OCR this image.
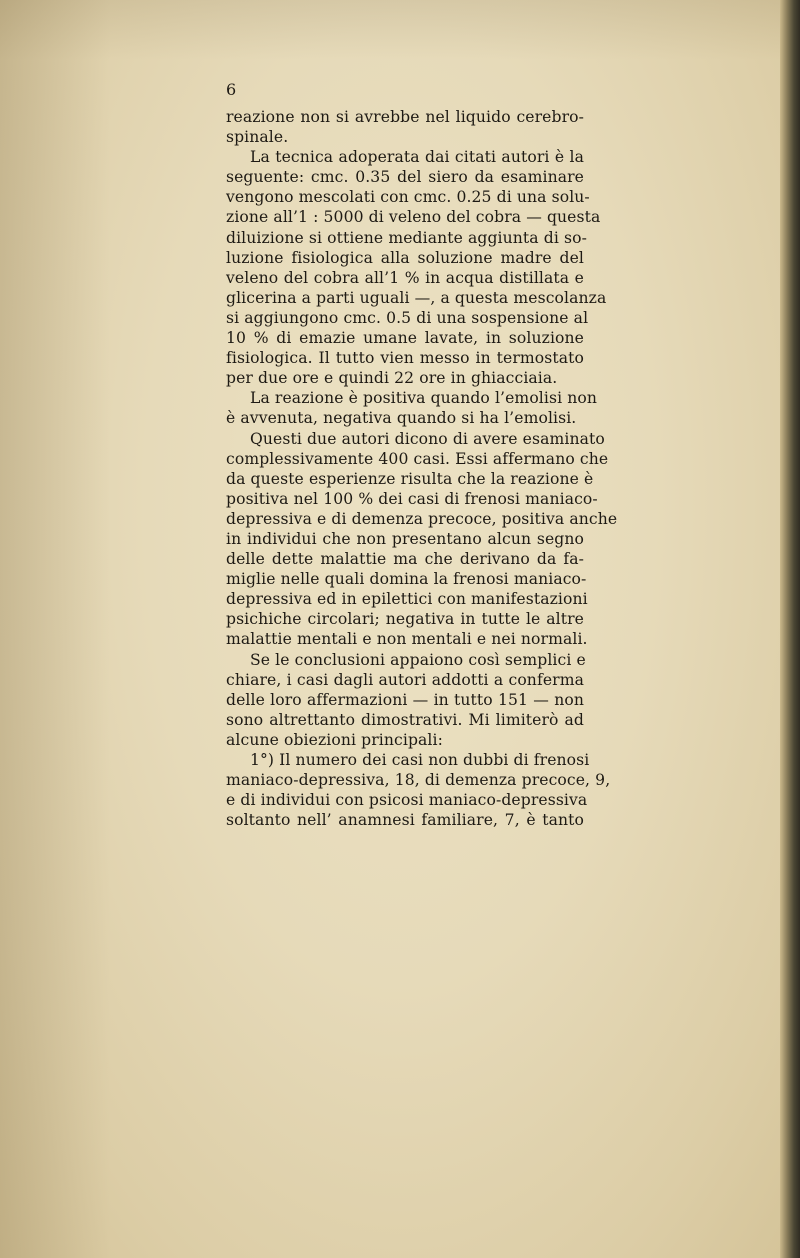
6
reazione non si avrebbe nel liquido cerebro-
spinale.
La tecnica adoperata dai citati autori è la
seguente: cmc. 0.35 del siero da esaminare
vengono mescolati con cmc. 0.25 di una solu-
zione all’1 : 5000 di veleno del cobra — questa
diluizione si ottiene mediante aggiunta di so-
luzione fisiologica alla soluzione madre del
veleno del cobra all’1 % in acqua distillata e
glicerina a parti uguali —, a questa mescolanza
si aggiungono cmc. 0.5 di una sospensione al
10 % di emazie umane lavate, in soluzione
fisiologica. Il tutto vien messo in termostato
per due ore e quindi 22 ore in ghiacciaia.
La reazione è positiva quando l’emolisi non
è avvenuta, negativa quando si ha l’emolisi.
Questi due autori dicono di avere esaminato
complessivamente 400 casi. Essi affermano che
da queste esperienze risulta che la reazione è
positiva nel 100 % dei casi di frenosi maniaco-
depressiva e di demenza precoce, positiva anche
in individui che non presentano alcun segno
delle dette malattie ma che derivano da fa-
miglie nelle quali domina la frenosi maniaco-
depressiva ed in epilettici con manifestazioni
psichiche circolari; negativa in tutte le altre
malattie mentali e non mentali e nei normali.
Se le conclusioni appaiono così semplici e
chiare, i casi dagli autori addotti a conferma
delle loro affermazioni — in tutto 151 — non
sono altrettanto dimostrativi. Mi limiterò ad
alcune obiezioni principali:
1°) Il numero dei casi non dubbi di frenosi
maniaco-depressiva, 18, di demenza precoce, 9,
e di individui con psicosi maniaco-depressiva
soltanto nell’ anamnesi familiare, 7, è tanto
